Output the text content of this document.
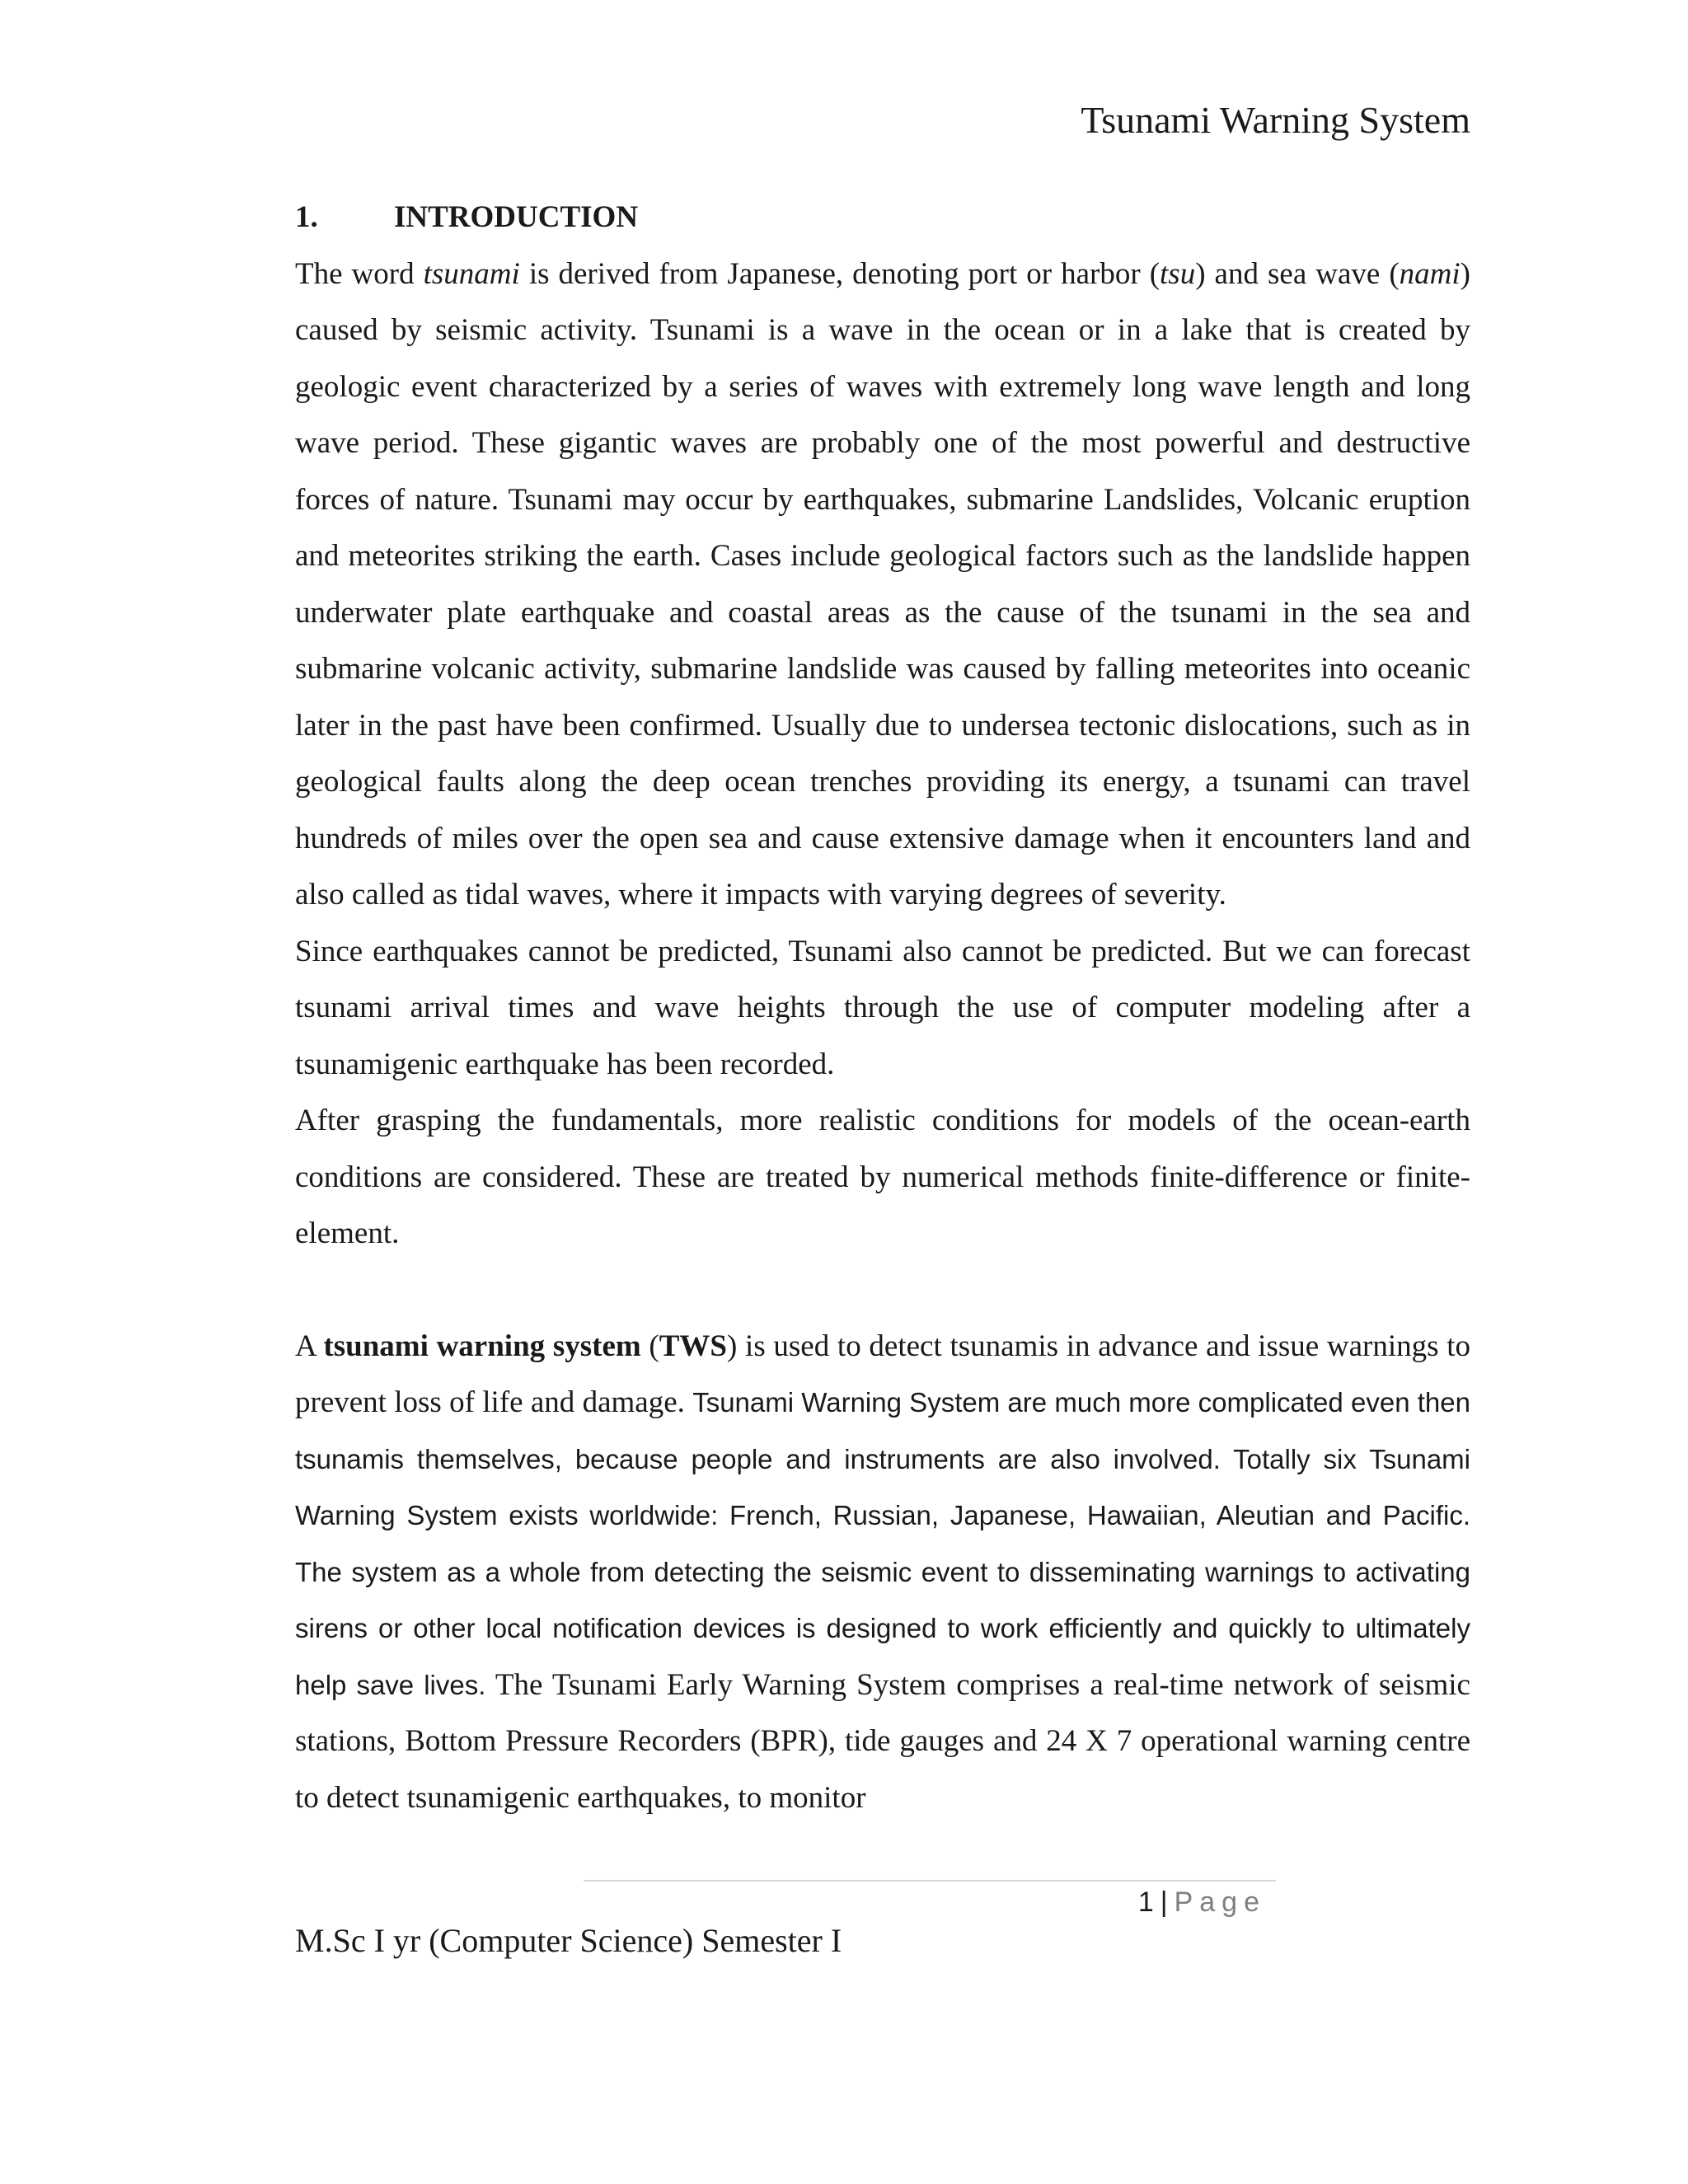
Tsunami Warning System

1. INTRODUCTION

The word tsunami is derived from Japanese, denoting port or harbor (tsu) and sea wave (nami) caused by seismic activity. Tsunami is a wave in the ocean or in a lake that is created by geologic event characterized by a series of waves with extremely long wave length and long wave period. These gigantic waves are probably one of the most powerful and destructive forces of nature. Tsunami may occur by earthquakes, submarine Landslides, Volcanic eruption and meteorites striking the earth. Cases include geological factors such as the landslide happen underwater plate earthquake and coastal areas as the cause of the tsunami in the sea and submarine volcanic activity, submarine landslide was caused by falling meteorites into oceanic later in the past have been confirmed. Usually due to undersea tectonic dislocations, such as in geological faults along the deep ocean trenches providing its energy, a tsunami can travel hundreds of miles over the open sea and cause extensive damage when it encounters land and also called as tidal waves, where it impacts with varying degrees of severity.

Since earthquakes cannot be predicted, Tsunami also cannot be predicted. But we can forecast tsunami arrival times and wave heights through the use of computer modeling after a tsunamigenic earthquake has been recorded.

After grasping the fundamentals, more realistic conditions for models of the ocean-earth conditions are considered. These are treated by numerical methods finite-difference or finite-element.

A tsunami warning system (TWS) is used to detect tsunamis in advance and issue warnings to prevent loss of life and damage. Tsunami Warning System are much more complicated even then tsunamis themselves, because people and instruments are also involved. Totally six Tsunami Warning System exists worldwide: French, Russian, Japanese, Hawaiian, Aleutian and Pacific. The system as a whole from detecting the seismic event to disseminating warnings to activating sirens or other local notification devices is designed to work efficiently and quickly to ultimately help save lives. The Tsunami Early Warning System comprises a real-time network of seismic stations, Bottom Pressure Recorders (BPR), tide gauges and 24 X 7 operational warning centre to detect tsunamigenic earthquakes, to monitor

1 | Page
M.Sc I yr (Computer Science) Semester I
